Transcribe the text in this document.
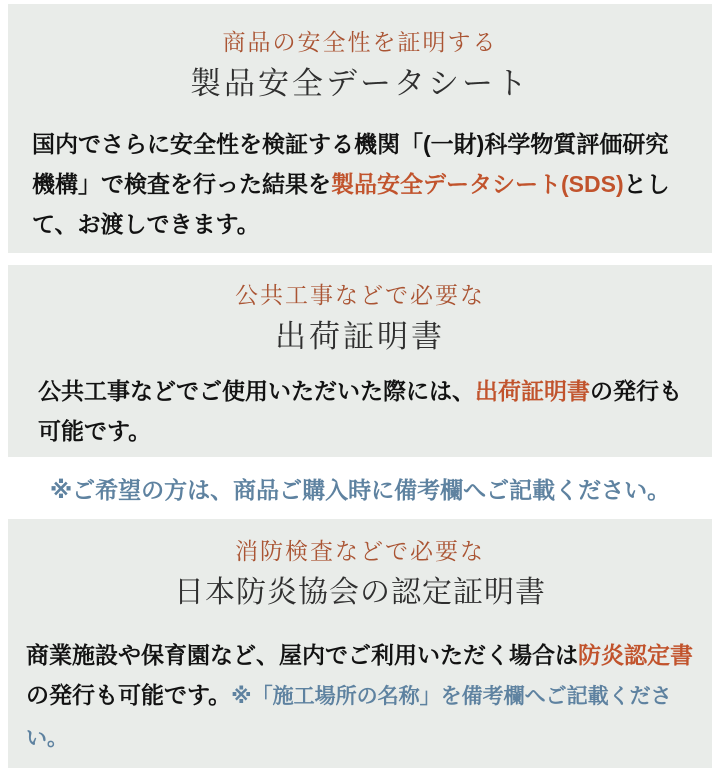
商品の安全性を証明する
製品安全データシート

国内でさらに安全性を検証する機関「(一財)科学物質評価研究機構」で検査を行った結果を製品安全データシート(SDS)として、お渡しできます。

公共工事などで必要な
出荷証明書

公共工事などでご使用いただいた際には、出荷証明書の発行も可能です。

※ご希望の方は、商品ご購入時に備考欄へご記載ください。
消防検査などで必要な
日本防炎協会の認定証明書

商業施設や保育園など、屋内でご利用いただく場合は防炎認定書の発行も可能です。※「施工場所の名称」を備考欄へご記載ください。
